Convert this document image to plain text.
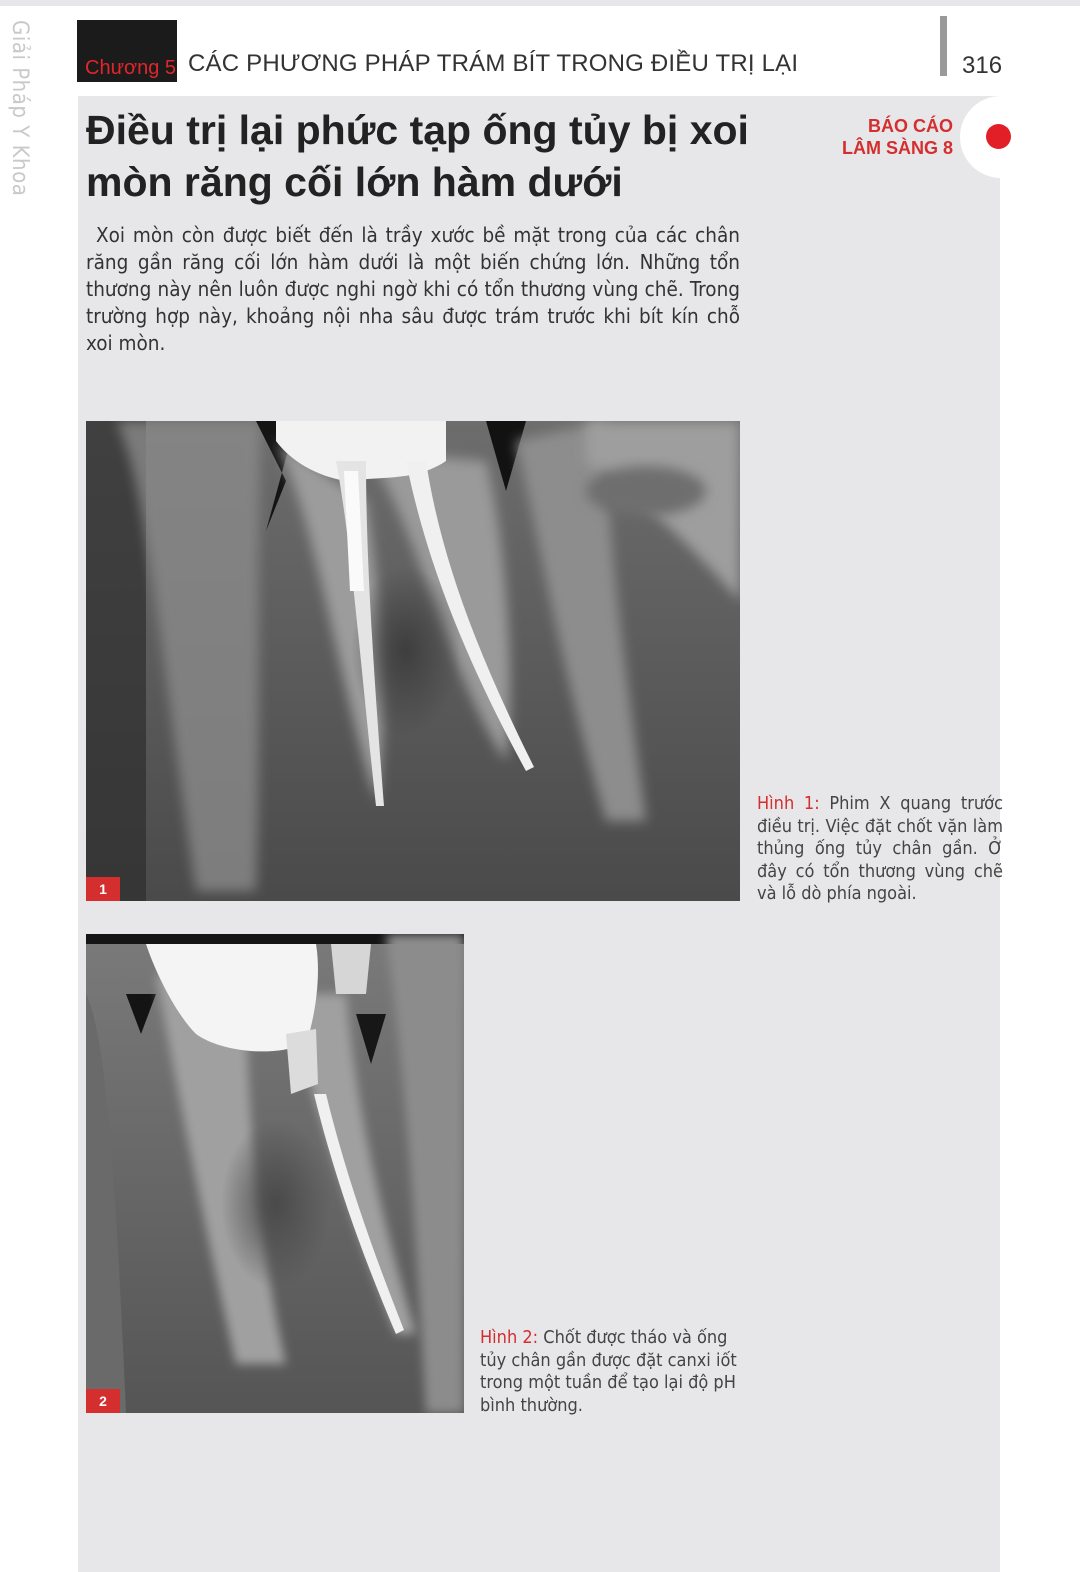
Giải Pháp Y Khoa	Chương 5 CÁC PHƯƠNG PHÁP TRÁM BÍT TRONG ĐIỀU TRỊ LẠI	316
BÁO CÁO
LÂM SÀNG 8
Điều trị lại phức tạp ống tủy bị xoi mòn răng cối lớn hàm dưới

Xoi mòn còn được biết đến là trầy xước bề mặt trong của các chân răng gần răng cối lớn hàm dưới là một biến chứng lớn. Những tổn thương này nên luôn được nghi ngờ khi có tổn thương vùng chẽ. Trong trường hợp này, khoảng nội nha sâu được trám trước khi bít kín chỗ xoi mòn.

1

Hình 1: Phim X quang trước điều trị. Việc đặt chốt vặn làm thủng ống tủy chân gần. Ở đây có tổn thương vùng chẽ và lỗ dò phía ngoài.

2

Hình 2: Chốt được tháo và ống tủy chân gần được đặt canxi iốt trong một tuần để tạo lại độ pH bình thường.
